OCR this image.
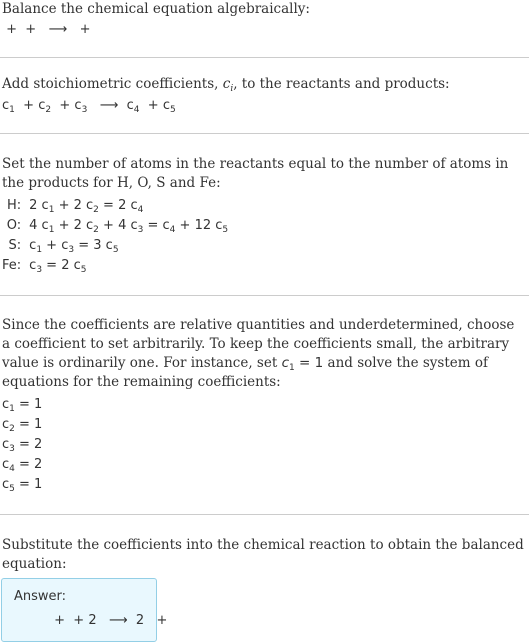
Balance the chemical equation algebraically:
+  +   ⟶   +
Add stoichiometric coefficients, $c_i$, to the reactants and products:
$c_1 + c_2 + c_3$ ⟶ $c_4 + c_5$
Set the number of atoms in the reactants equal to the number of atoms in the products for H, O, S and Fe:
H:	2 $c_1 + 2$ $c_2 = 2$ $c_4$
O:	4 $c_1 + 2$ $c_2 + 4$ $c_3 = c_4 + 12$ $c_5$
S:	$c_1 + c_3 = 3$ $c_5$
Fe:	$c_3 = 2$ $c_5$
Since the coefficients are relative quantities and underdetermined, choose a coefficient to set arbitrarily. To keep the coefficients small, the arbitrary value is ordinarily one. For instance, set $c_1 = 1$ and solve the system of equations for the remaining coefficients:
$c_1 = 1$
$c_2 = 1$
$c_3 = 2$
$c_4 = 2$
$c_5 = 1$
Substitute the coefficients into the chemical reaction to obtain the balanced equation:
Answer:
+  + 2   ⟶  2   +
